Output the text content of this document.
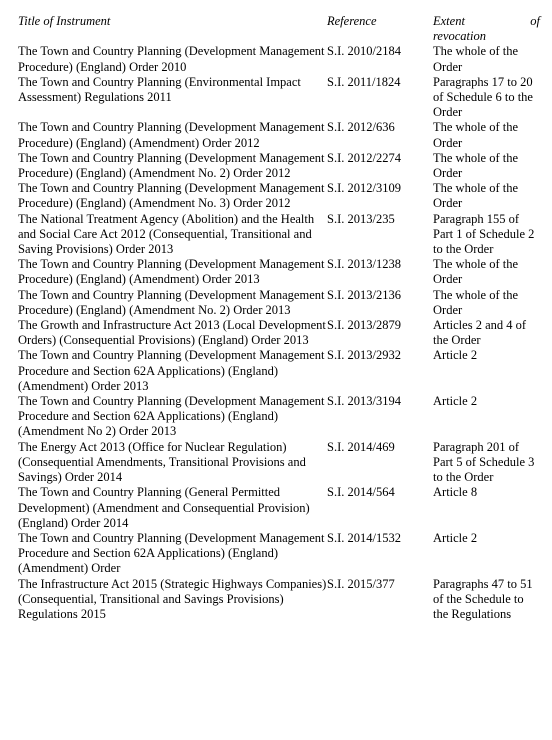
Title of Instrument	Reference	Extent of
revocation

The Town and Country Planning (Development Management Procedure) (England) Order 2010	S.I. 2010/2184	The whole of the Order
The Town and Country Planning (Environmental Impact Assessment) Regulations 2011	S.I. 2011/1824	Paragraphs 17 to 20 of Schedule 6 to the Order
The Town and Country Planning (Development Management Procedure) (England) (Amendment) Order 2012	S.I. 2012/636	The whole of the Order
The Town and Country Planning (Development Management Procedure) (England) (Amendment No. 2) Order 2012	S.I. 2012/2274	The whole of the Order
The Town and Country Planning (Development Management Procedure) (England) (Amendment No. 3) Order 2012	S.I. 2012/3109	The whole of the Order
The National Treatment Agency (Abolition) and the Health and Social Care Act 2012 (Consequential, Transitional and Saving Provisions) Order 2013	S.I. 2013/235	Paragraph 155 of Part 1 of Schedule 2 to the Order
The Town and Country Planning (Development Management Procedure) (England) (Amendment) Order 2013	S.I. 2013/1238	The whole of the Order
The Town and Country Planning (Development Management Procedure) (England) (Amendment No. 2) Order 2013	S.I. 2013/2136	The whole of the Order
The Growth and Infrastructure Act 2013 (Local Development Orders) (Consequential Provisions) (England) Order 2013	S.I. 2013/2879	Articles 2 and 4 of the Order
The Town and Country Planning (Development Management Procedure and Section 62A Applications) (England) (Amendment) Order 2013	S.I. 2013/2932	Article 2
The Town and Country Planning (Development Management Procedure and Section 62A Applications) (England) (Amendment No 2) Order 2013	S.I. 2013/3194	Article 2
The Energy Act 2013 (Office for Nuclear Regulation) (Consequential Amendments, Transitional Provisions and Savings) Order 2014	S.I. 2014/469	Paragraph 201 of Part 5 of Schedule 3 to the Order
The Town and Country Planning (General Permitted Development) (Amendment and Consequential Provision) (England) Order 2014	S.I. 2014/564	Article 8
The Town and Country Planning (Development Management Procedure and Section 62A Applications) (England) (Amendment) Order	S.I. 2014/1532	Article 2
The Infrastructure Act 2015 (Strategic Highways Companies) (Consequential, Transitional and Savings Provisions) Regulations 2015	S.I. 2015/377	Paragraphs 47 to 51 of the Schedule to the Regulations
